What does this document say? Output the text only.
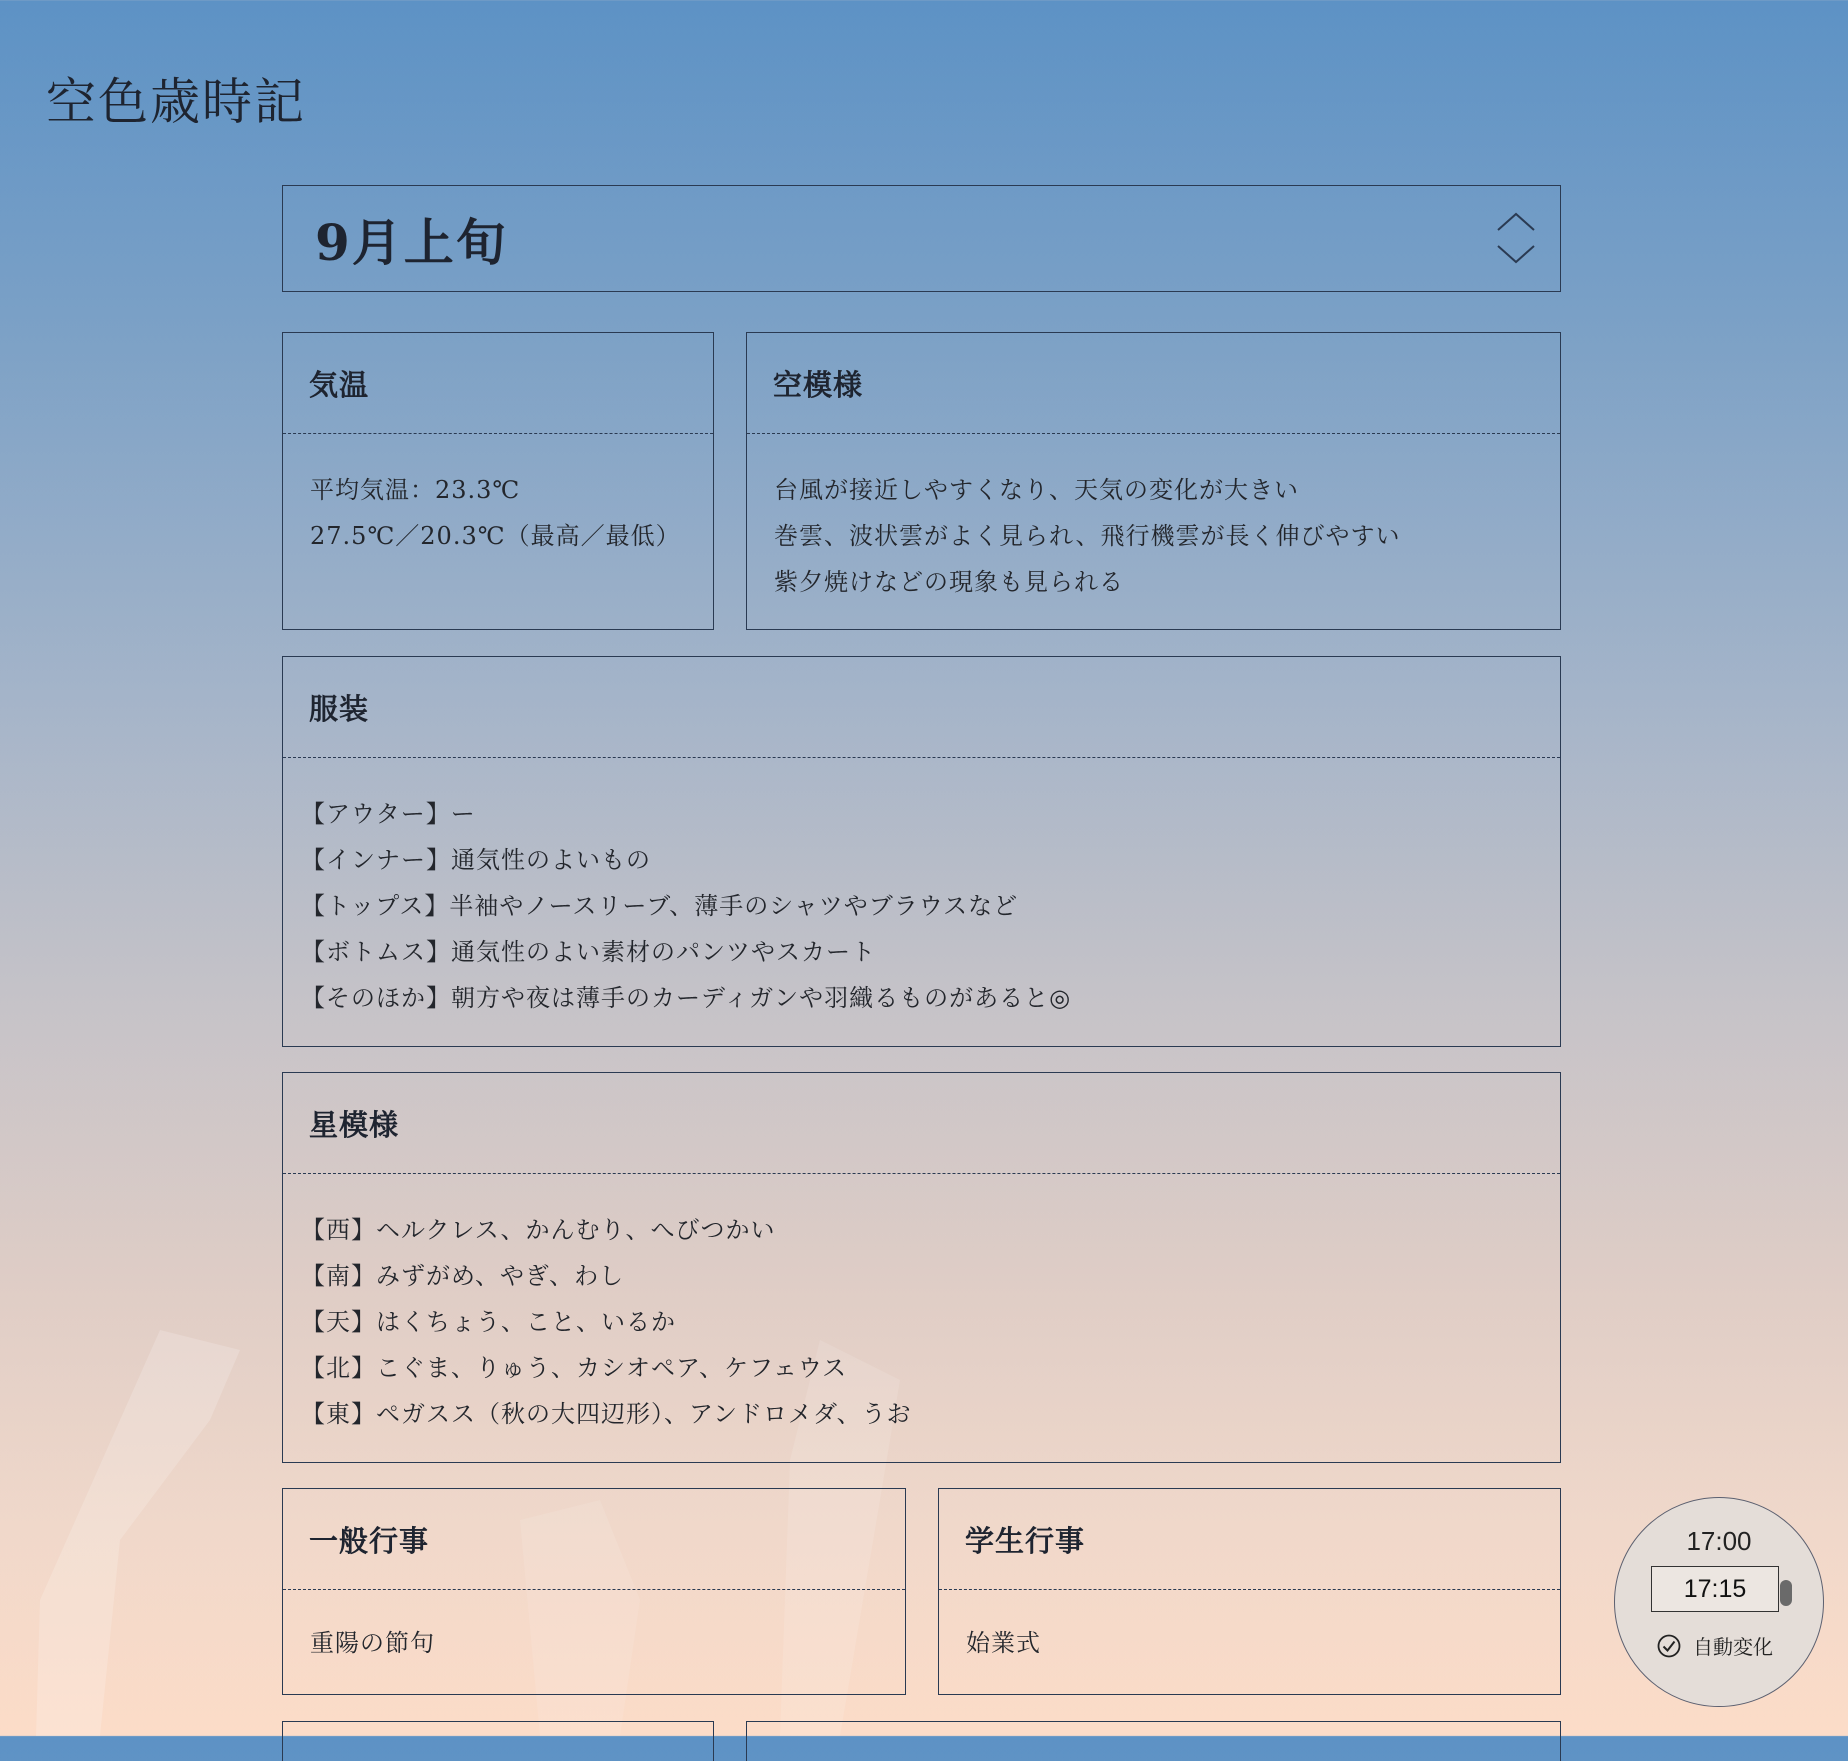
空色歳時記
9月上旬
気温
平均気温：23.3℃
27.5℃／20.3℃（最高／最低）
空模様
台風が接近しやすくなり、天気の変化が大きい
巻雲、波状雲がよく見られ、飛行機雲が長く伸びやすい
紫夕焼けなどの現象も見られる
服装
【アウター】ー
【インナー】通気性のよいもの
【トップス】半袖やノースリーブ、薄手のシャツやブラウスなど
【ボトムス】通気性のよい素材のパンツやスカート
【そのほか】朝方や夜は薄手のカーディガンや羽織るものがあると◎
星模様
【西】ヘルクレス、かんむり、へびつかい
【南】みずがめ、やぎ、わし
【天】はくちょう、こと、いるか
【北】こぐま、りゅう、カシオペア、ケフェウス
【東】ペガスス（秋の大四辺形）、アンドロメダ、うお
一般行事
重陽の節句
学生行事
始業式
17:00
17:15
自動変化
